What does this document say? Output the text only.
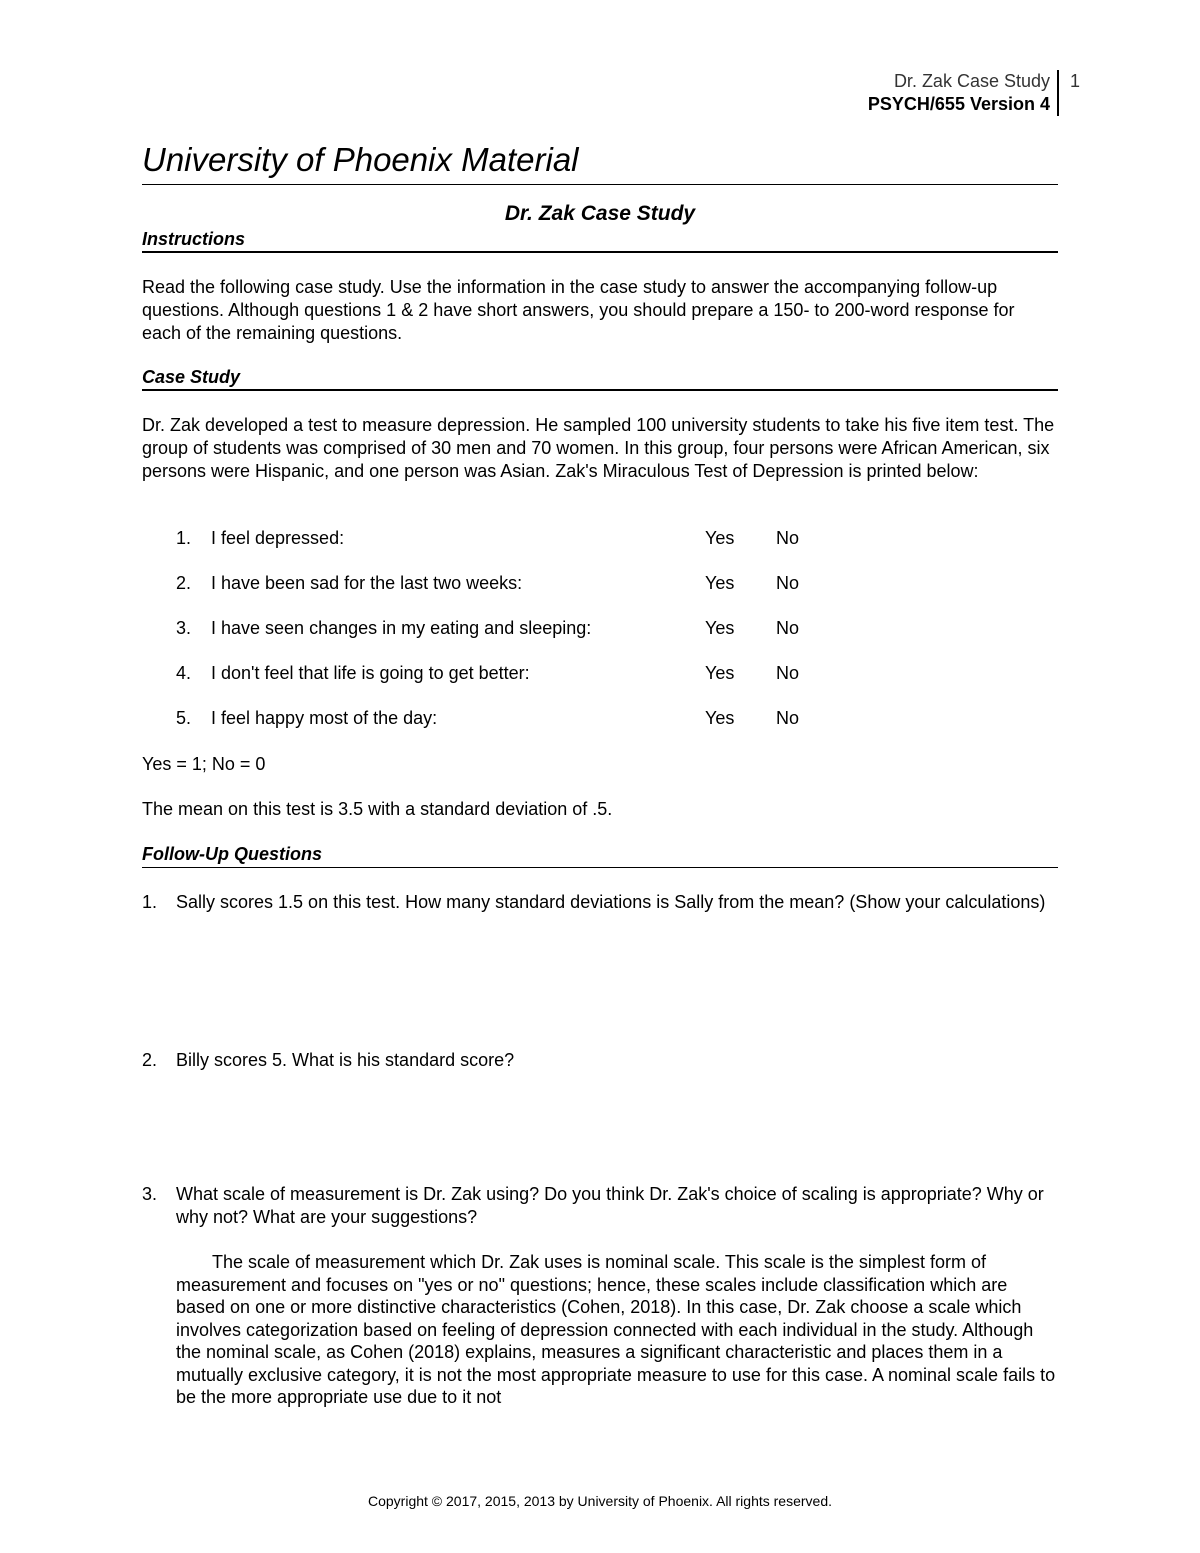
Dr. Zak Case Study
PSYCH/655 Version 4
1
University of Phoenix Material
Dr. Zak Case Study
Instructions
Read the following case study. Use the information in the case study to answer the accompanying follow-up questions. Although questions 1 & 2 have short answers, you should prepare a 150- to 200-word response for each of the remaining questions.
Case Study
Dr. Zak developed a test to measure depression. He sampled 100 university students to take his five item test. The group of students was comprised of 30 men and 70 women. In this group, four persons were African American, six persons were Hispanic, and one person was Asian. Zak's Miraculous Test of Depression is printed below:
1. I feel depressed:	Yes No
2. I have been sad for the last two weeks:	Yes No
3. I have seen changes in my eating and sleeping:	Yes No
4. I don't feel that life is going to get better:	Yes No
5. I feel happy most of the day:	Yes No
Yes = 1; No = 0
The mean on this test is 3.5 with a standard deviation of .5.
Follow-Up Questions
1. Sally scores 1.5 on this test. How many standard deviations is Sally from the mean? (Show your calculations)
2. Billy scores 5. What is his standard score?
3. What scale of measurement is Dr. Zak using? Do you think Dr. Zak's choice of scaling is appropriate? Why or why not? What are your suggestions?
The scale of measurement which Dr. Zak uses is nominal scale. This scale is the simplest form of measurement and focuses on "yes or no" questions; hence, these scales include classification which are based on one or more distinctive characteristics (Cohen, 2018). In this case, Dr. Zak choose a scale which involves categorization based on feeling of depression connected with each individual in the study. Although the nominal scale, as Cohen (2018) explains, measures a significant characteristic and places them in a mutually exclusive category, it is not the most appropriate measure to use for this case. A nominal scale fails to be the more appropriate use due to it not
Copyright © 2017, 2015, 2013 by University of Phoenix. All rights reserved.
